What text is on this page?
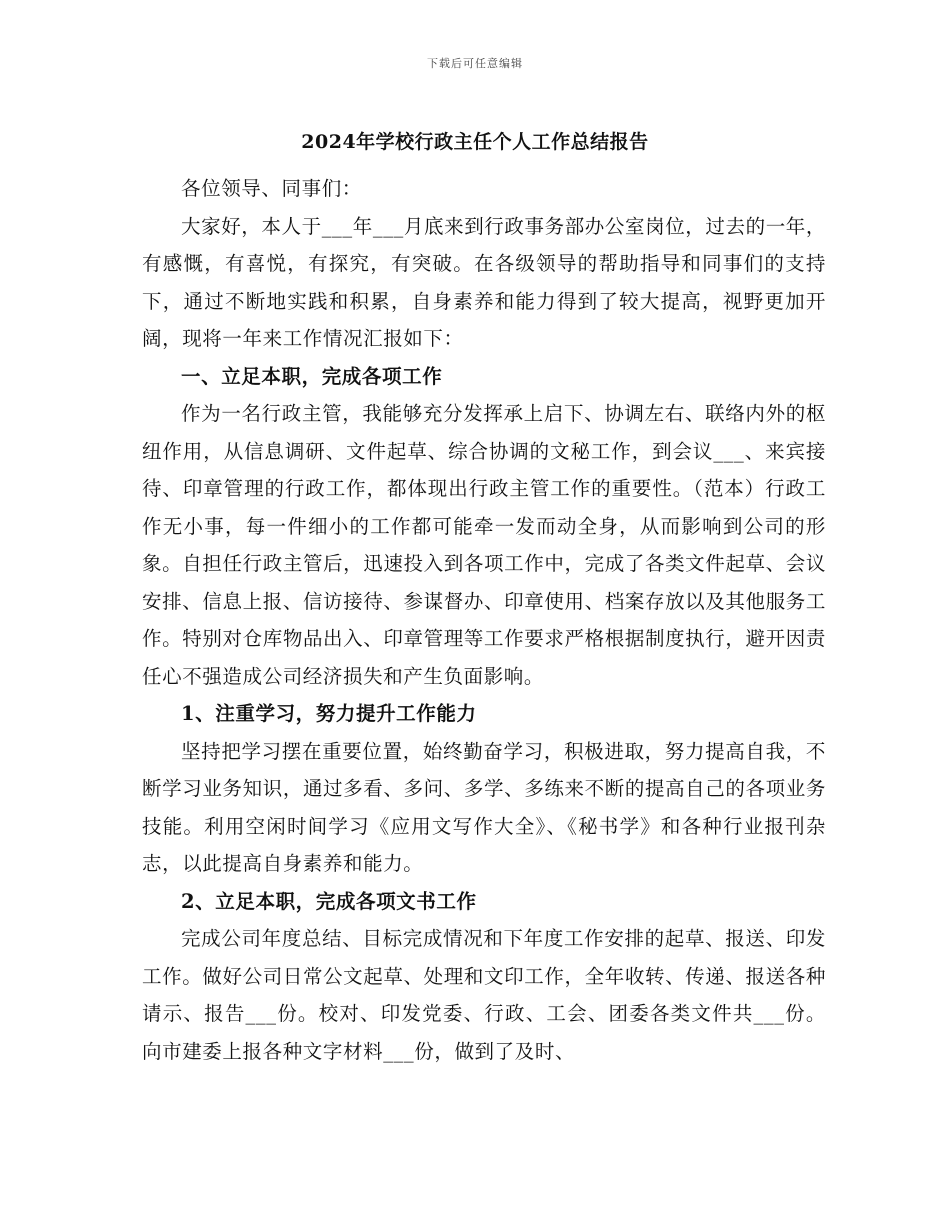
下载后可任意编辑
2024年学校行政主任个人工作总结报告

各位领导、同事们：

大家好，本人于___年___月底来到行政事务部办公室岗位，过去的一年，有感慨，有喜悦，有探究，有突破。在各级领导的帮助指导和同事们的支持下，通过不断地实践和积累，自身素养和能力得到了较大提高，视野更加开阔，现将一年来工作情况汇报如下：

一、立足本职，完成各项工作

作为一名行政主管，我能够充分发挥承上启下、协调左右、联络内外的枢纽作用，从信息调研、文件起草、综合协调的文秘工作，到会议___、来宾接待、印章管理的行政工作，都体现出行政主管工作的重要性。（范本）行政工作无小事，每一件细小的工作都可能牵一发而动全身，从而影响到公司的形象。自担任行政主管后，迅速投入到各项工作中，完成了各类文件起草、会议安排、信息上报、信访接待、参谋督办、印章使用、档案存放以及其他服务工作。特别对仓库物品出入、印章管理等工作要求严格根据制度执行，避开因责任心不强造成公司经济损失和产生负面影响。

1、注重学习，努力提升工作能力

坚持把学习摆在重要位置，始终勤奋学习，积极进取，努力提高自我，不断学习业务知识，通过多看、多问、多学、多练来不断的提高自己的各项业务技能。利用空闲时间学习《应用文写作大全》、《秘书学》和各种行业报刊杂志，以此提高自身素养和能力。

2、立足本职，完成各项文书工作

完成公司年度总结、目标完成情况和下年度工作安排的起草、报送、印发工作。做好公司日常公文起草、处理和文印工作，全年收转、传递、报送各种请示、报告___份。校对、印发党委、行政、工会、团委各类文件共___份。向市建委上报各种文字材料___份，做到了及时、
